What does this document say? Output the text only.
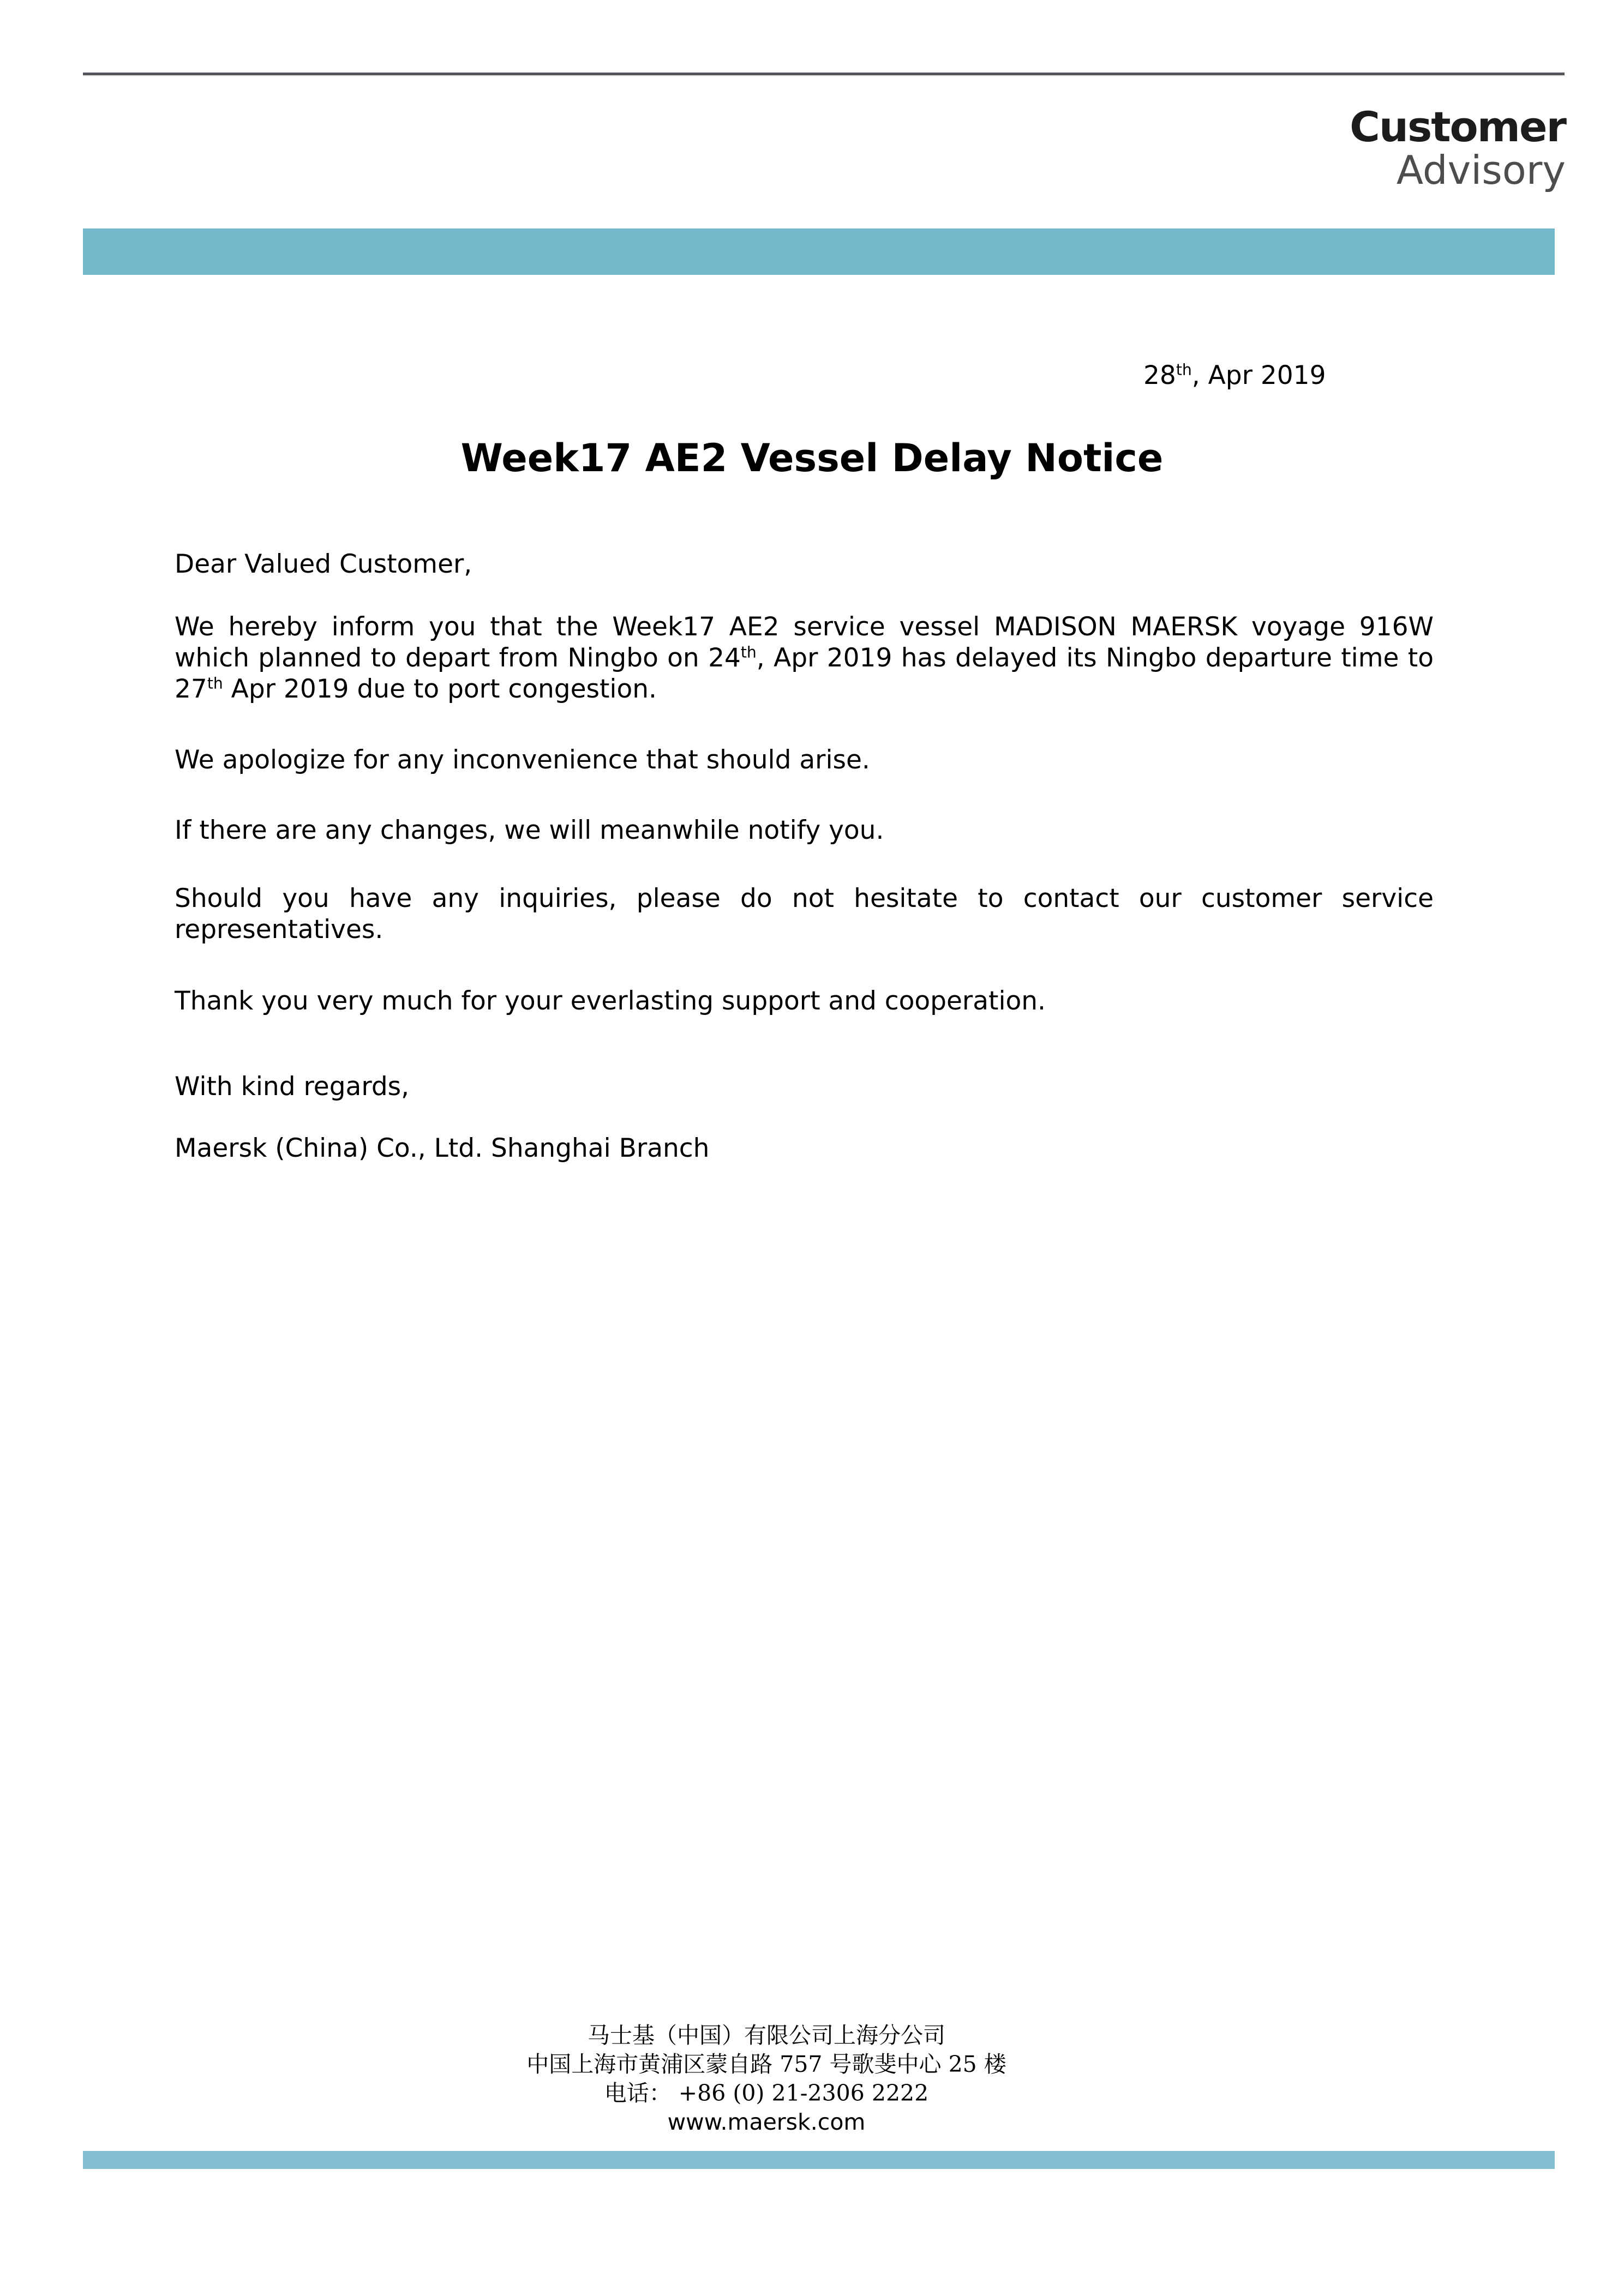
Customer
Advisory
28th, Apr 2019
Week17 AE2 Vessel Delay Notice

Dear Valued Customer,

We hereby inform you that the Week17 AE2 service vessel MADISON MAERSK voyage 916W which planned to depart from Ningbo on 24th, Apr 2019 has delayed its Ningbo departure time to 27th Apr 2019 due to port congestion.

We apologize for any inconvenience that should arise.

If there are any changes, we will meanwhile notify you.

Should you have any inquiries, please do not hesitate to contact our customer service representatives.

Thank you very much for your everlasting support and cooperation.

With kind regards,

Maersk (China) Co., Ltd. Shanghai Branch

马士基（中国）有限公司上海分公司
中国上海市黄浦区蒙自路 757 号歌斐中心 25 楼
电话： +86 (0) 21-2306 2222
www.maersk.com
